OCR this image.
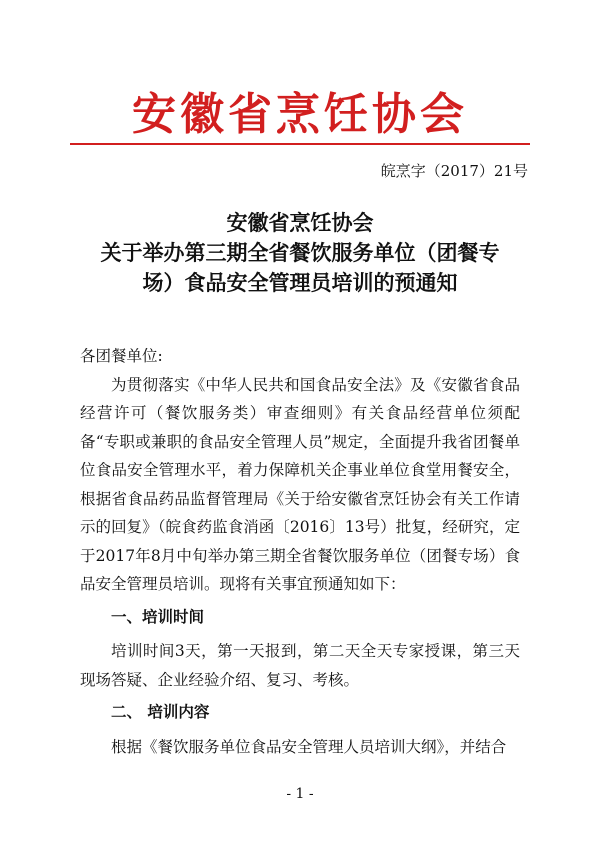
安徽省烹饪协会
皖烹字（2017）21号
安徽省烹饪协会
关于举办第三期全省餐饮服务单位（团餐专
场）食品安全管理员培训的预通知

各团餐单位:

为贯彻落实《中华人民共和国食品安全法》及《安徽省食品经营许可（餐饮服务类）审查细则》有关食品经营单位须配备“专职或兼职的食品安全管理人员”规定，全面提升我省团餐单位食品安全管理水平，着力保障机关企事业单位食堂用餐安全，根据省食品药品监督管理局《关于给安徽省烹饪协会有关工作请示的回复》（皖食药监食消函〔2016〕13号）批复，经研究，定于2017年8月中旬举办第三期全省餐饮服务单位（团餐专场）食品安全管理员培训。现将有关事宜预通知如下：

一、培训时间

培训时间3天，第一天报到，第二天全天专家授课，第三天现场答疑、企业经验介绍、复习、考核。

二、 培训内容

根据《餐饮服务单位食品安全管理人员培训大纲》，并结合

- 1 -
